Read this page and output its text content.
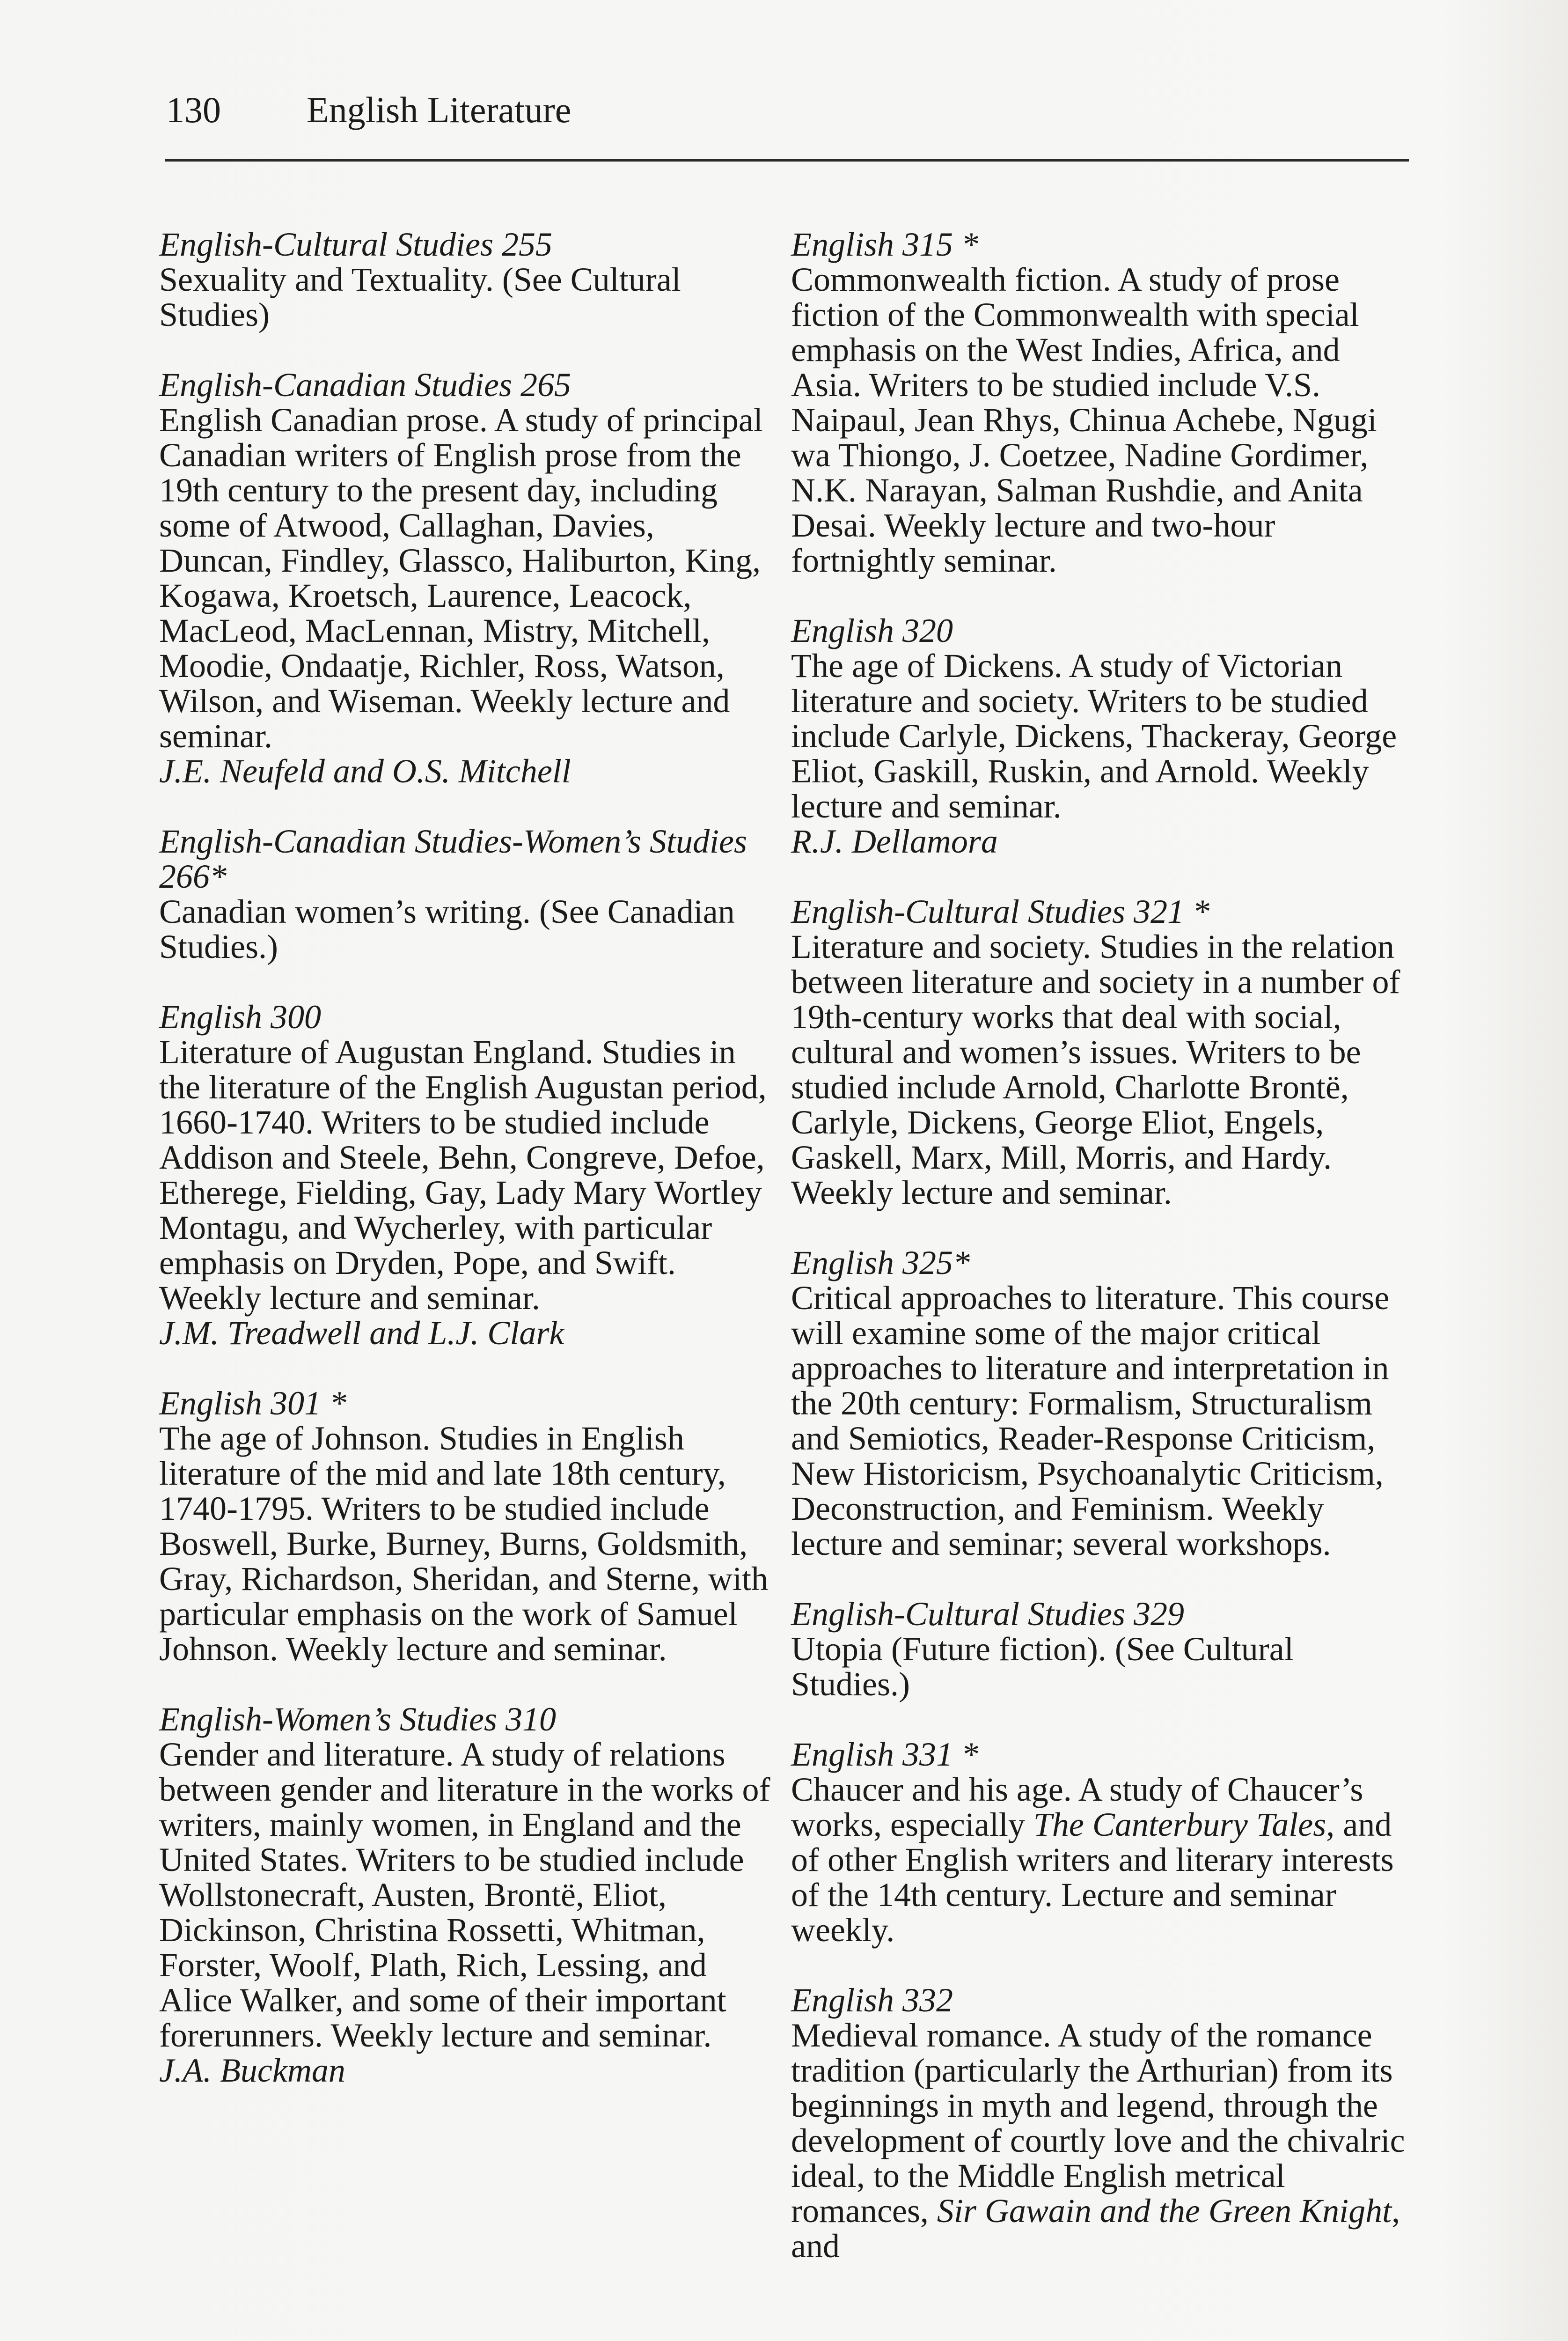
130 English Literature
English-Cultural Studies 255
Sexuality and Textuality. (See Cultural Studies)
English-Canadian Studies 265
English Canadian prose. A study of principal Canadian writers of English prose from the 19th century to the present day, including some of Atwood, Callaghan, Davies, Duncan, Findley, Glassco, Haliburton, King, Kogawa, Kroetsch, Laurence, Leacock, MacLeod, MacLennan, Mistry, Mitchell, Moodie, Ondaatje, Richler, Ross, Watson, Wilson, and Wiseman. Weekly lecture and seminar.
J.E. Neufeld and O.S. Mitchell
English-Canadian Studies-Women’s Studies 266*
Canadian women’s writing. (See Canadian Studies.)
English 300
Literature of Augustan England. Studies in the literature of the English Augustan period, 1660-1740. Writers to be studied include Addison and Steele, Behn, Congreve, Defoe, Etherege, Fielding, Gay, Lady Mary Wortley Montagu, and Wycherley, with particular emphasis on Dryden, Pope, and Swift. Weekly lecture and seminar.
J.M. Treadwell and L.J. Clark
English 301 *
The age of Johnson. Studies in English literature of the mid and late 18th century, 1740-1795. Writers to be studied include Boswell, Burke, Burney, Burns, Goldsmith, Gray, Richardson, Sheridan, and Sterne, with particular emphasis on the work of Samuel Johnson. Weekly lecture and seminar.
English-Women’s Studies 310
Gender and literature. A study of relations between gender and literature in the works of writers, mainly women, in England and the United States. Writers to be studied include Wollstonecraft, Austen, Brontë, Eliot, Dickinson, Christina Rossetti, Whitman, Forster, Woolf, Plath, Rich, Lessing, and Alice Walker, and some of their important forerunners. Weekly lecture and seminar.
J.A. Buckman
English 315 *
Commonwealth fiction. A study of prose fiction of the Commonwealth with special emphasis on the West Indies, Africa, and Asia. Writers to be studied include V.S. Naipaul, Jean Rhys, Chinua Achebe, Ngugi wa Thiongo, J. Coetzee, Nadine Gordimer, N.K. Narayan, Salman Rushdie, and Anita Desai. Weekly lecture and two-hour fortnightly seminar.
English 320
The age of Dickens. A study of Victorian literature and society. Writers to be studied include Carlyle, Dickens, Thackeray, George Eliot, Gaskill, Ruskin, and Arnold. Weekly lecture and seminar.
R.J. Dellamora
English-Cultural Studies 321 *
Literature and society. Studies in the relation between literature and society in a number of 19th-century works that deal with social, cultural and women’s issues. Writers to be studied include Arnold, Charlotte Brontë, Carlyle, Dickens, George Eliot, Engels, Gaskell, Marx, Mill, Morris, and Hardy. Weekly lecture and seminar.
English 325*
Critical approaches to literature. This course will examine some of the major critical approaches to literature and interpretation in the 20th century: Formalism, Structuralism and Semiotics, Reader-Response Criticism, New Historicism, Psychoanalytic Criticism, Deconstruction, and Feminism. Weekly lecture and seminar; several workshops.
English-Cultural Studies 329
Utopia (Future fiction). (See Cultural Studies.)
English 331 *
Chaucer and his age. A study of Chaucer’s works, especially The Canterbury Tales, and of other English writers and literary interests of the 14th century. Lecture and seminar weekly.
English 332
Medieval romance. A study of the romance tradition (particularly the Arthurian) from its beginnings in myth and legend, through the development of courtly love and the chivalric ideal, to the Middle English metrical romances, Sir Gawain and the Green Knight, and
